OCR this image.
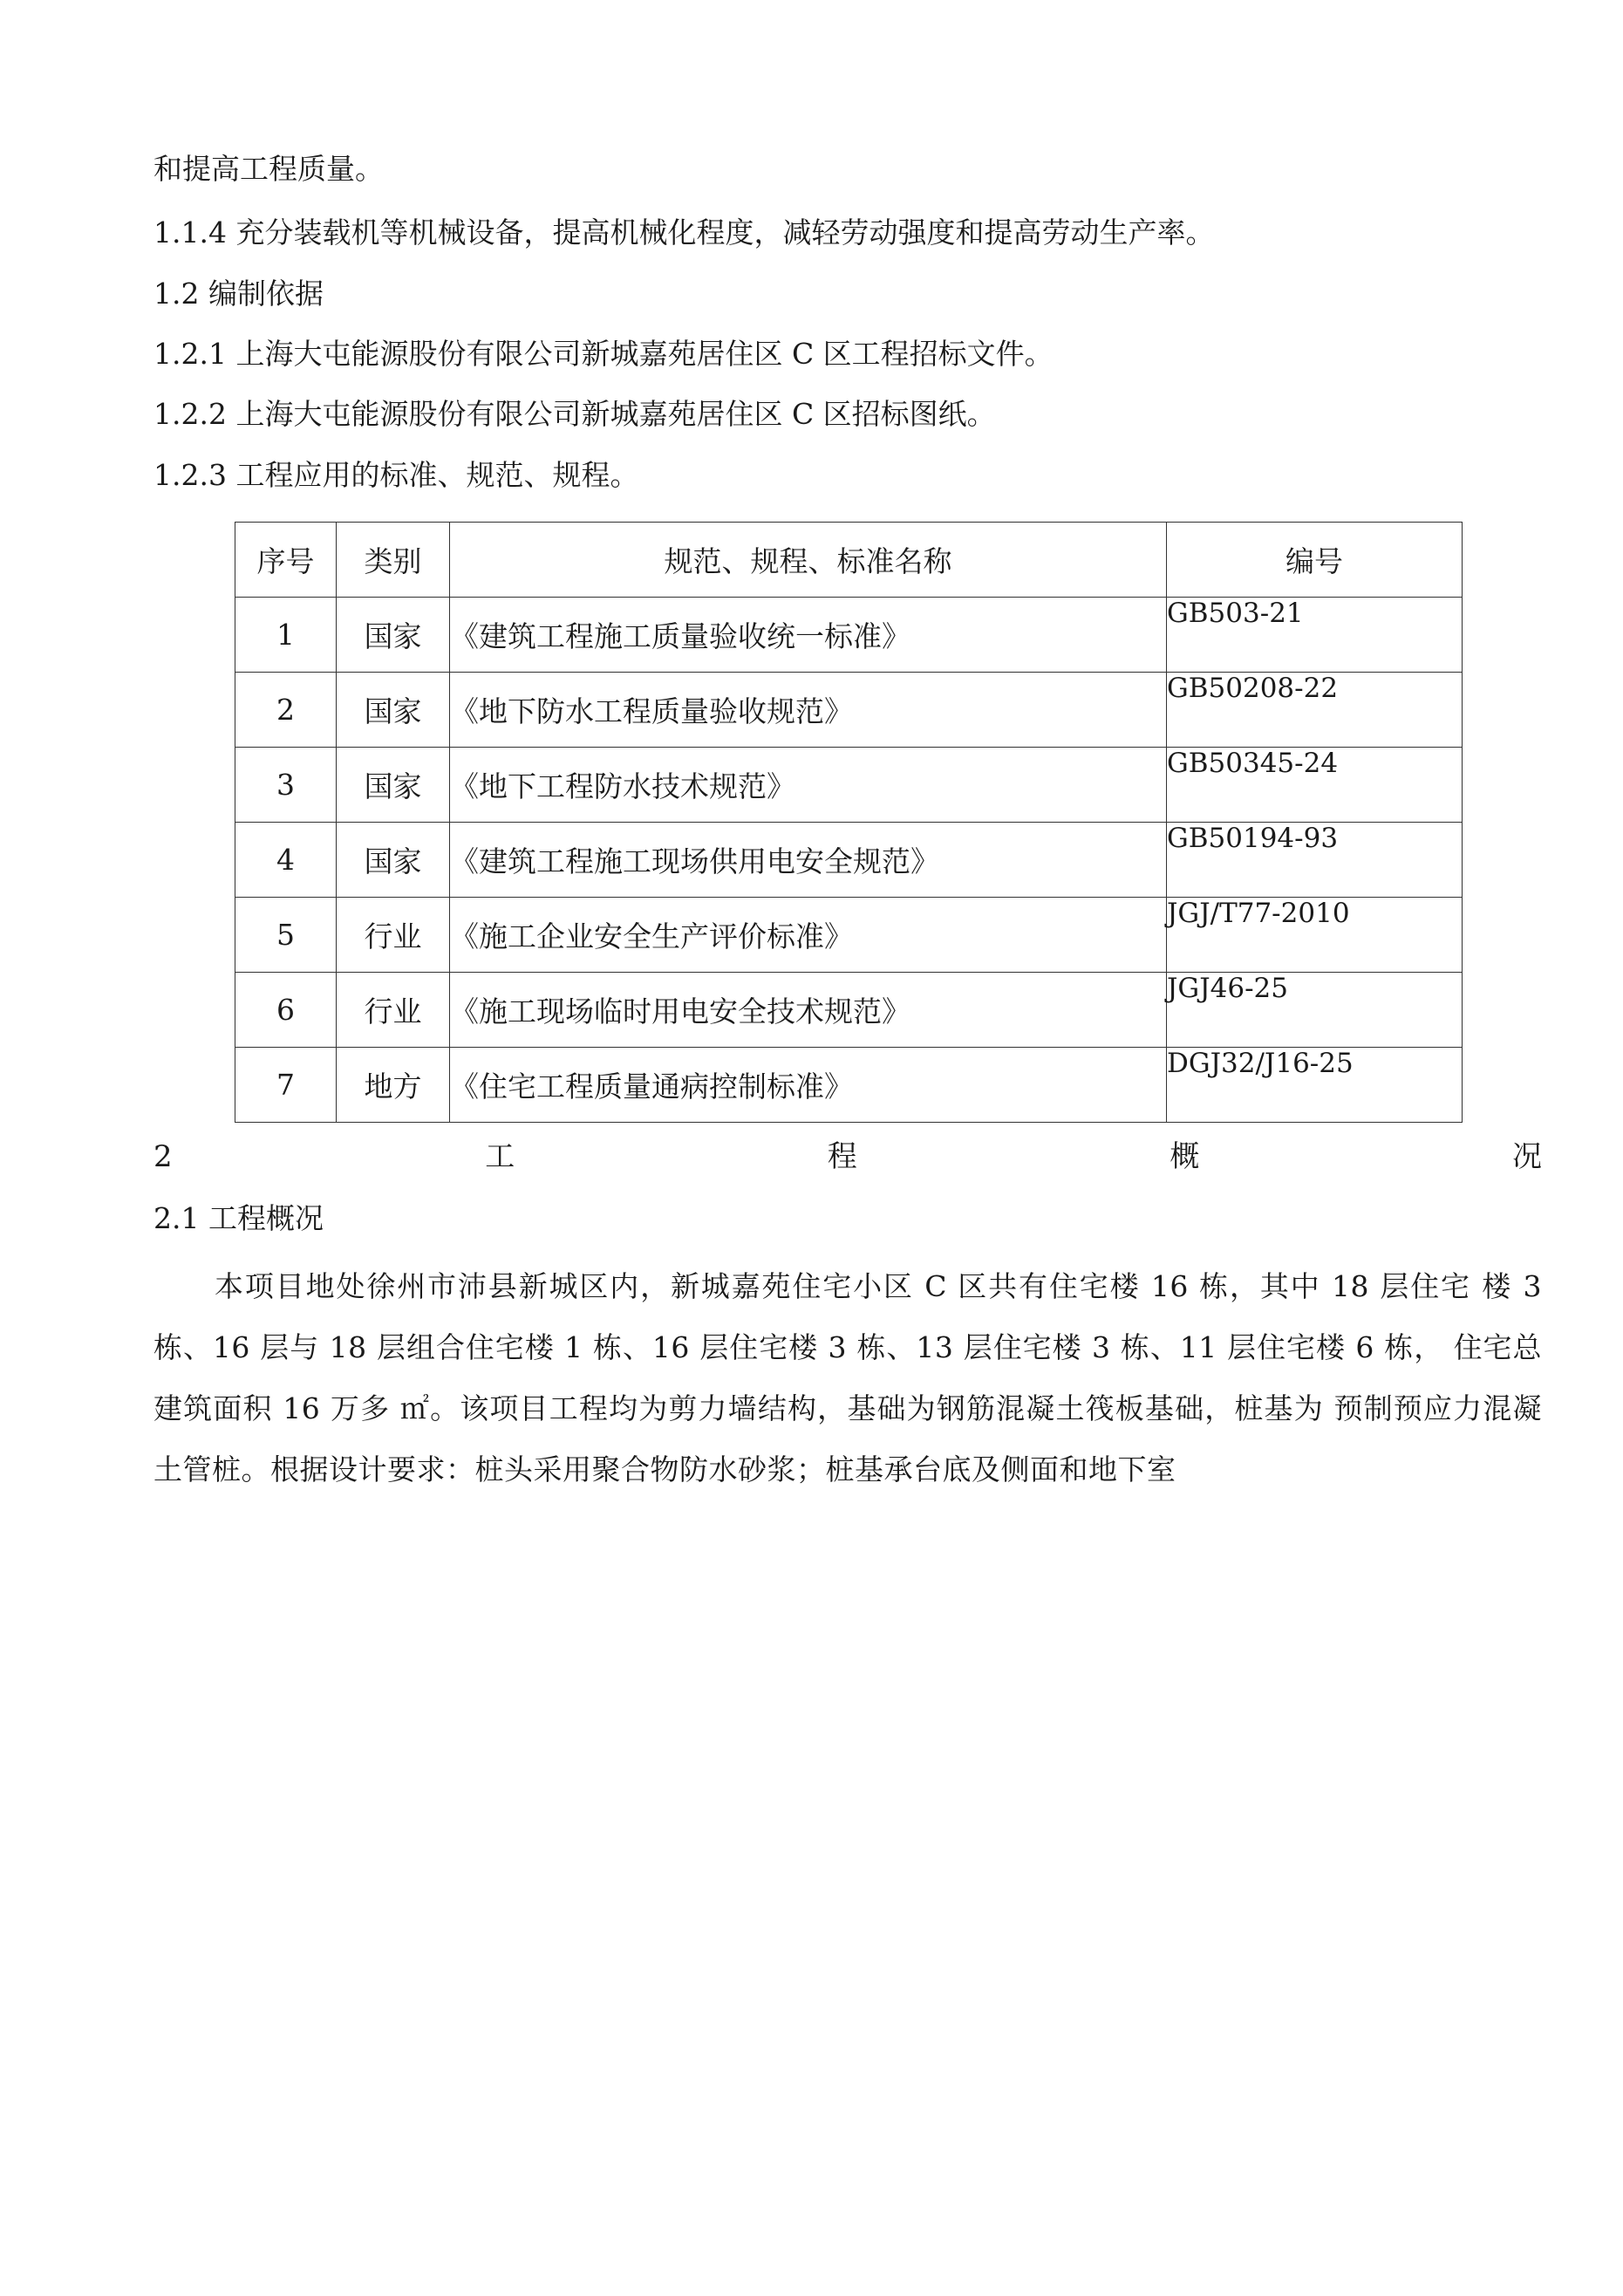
和提高工程质量。

1.1.4 充分装载机等机械设备，提高机械化程度，减轻劳动强度和提高劳动生产率。

1.2 编制依据

1.2.1 上海大屯能源股份有限公司新城嘉苑居住区 C 区工程招标文件。

1.2.2 上海大屯能源股份有限公司新城嘉苑居住区 C 区招标图纸。

1.2.3 工程应用的标准、规范、规程。

序号	类别	规范、规程、标准名称	编号
1	国家	《建筑工程施工质量验收统一标准》	GB503-21
2	国家	《地下防水工程质量验收规范》	GB50208-22
3	国家	《地下工程防水技术规范》	GB50345-24
4	国家	《建筑工程施工现场供用电安全规范》	GB50194-93
5	行业	《施工企业安全生产评价标准》	JGJ/T77-2010
6	行业	《施工现场临时用电安全技术规范》	JGJ46-25
7	地方	《住宅工程质量通病控制标准》	DGJ32/J16-25
2	工	程	概	况

2.1 工程概况

本项目地处徐州市沛县新城区内，新城嘉苑住宅小区 C 区共有住宅楼 16 栋，其中 18 层住宅 楼 3 栋、16 层与 18 层组合住宅楼 1 栋、16 层住宅楼 3 栋、13 层住宅楼 3 栋、11 层住宅楼 6 栋， 住宅总建筑面积 16 万多 ㎡。该项目工程均为剪力墙结构，基础为钢筋混凝土筏板基础，桩基为 预制预应力混凝土管桩。根据设计要求：桩头采用聚合物防水砂浆；桩基承台底及侧面和地下室
